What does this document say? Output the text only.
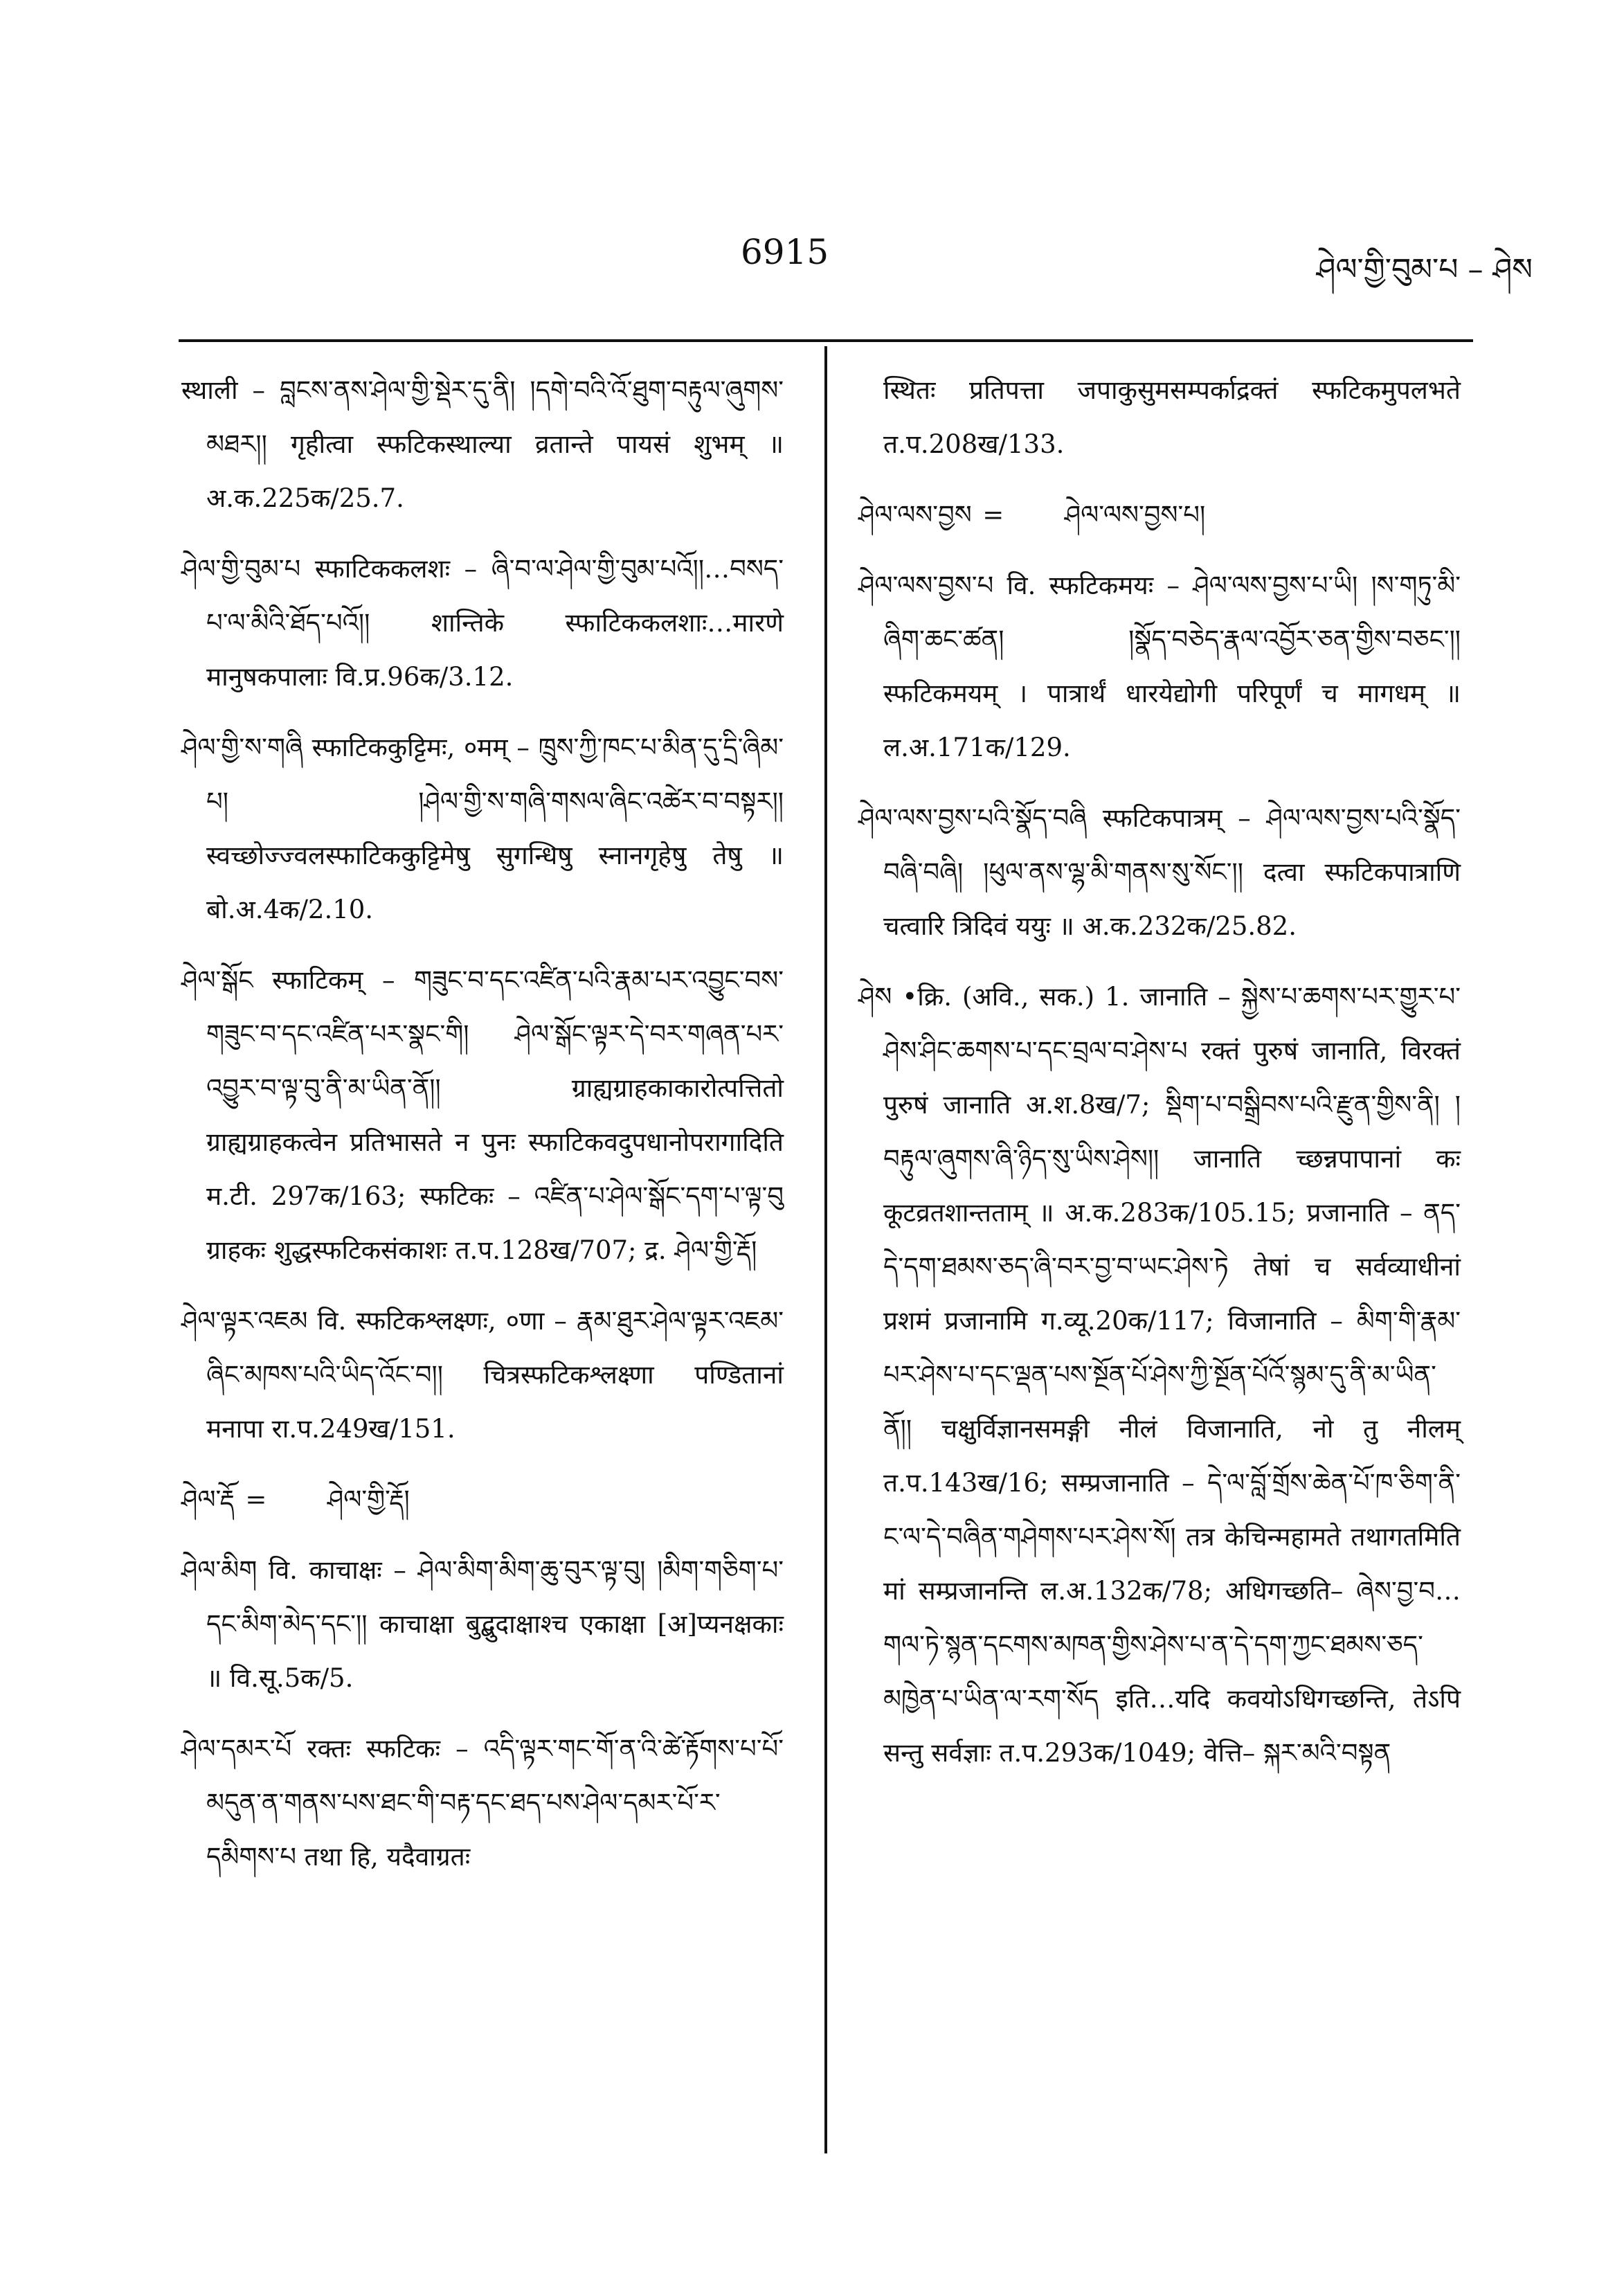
6915	ཤེལ་གྱི་བུམ་པ – ཤེས

स्थाली – བླངས་ནས་ཤེལ་གྱི་སྡེར་དུ་ནི། །དགེ་བའི་འོ་ཐུག་བརྟུལ་ཞུགས་མཐར།། गृहीत्वा स्फटिकस्थाल्या व्रतान्ते पायसं शुभम् ॥ अ.क.225क/25.7.

ཤེལ་གྱི་བུམ་པ स्फाटिककलशः – ཞི་བ་ལ་ཤེལ་གྱི་བུམ་པའོ།།…བསད་པ་ལ་མིའི་ཐོད་པའོ།། शान्तिके स्फाटिककलशाः…मारणे मानुषकपालाः वि.प्र.96क/3.12.

ཤེལ་གྱི་ས་གཞི स्फाटिककुट्टिमः, ०मम् – ཁྲུས་ཀྱི་ཁང་པ་མིན་དུ་དྲི་ཞིམ་པ། །ཤེལ་གྱི་ས་གཞི་གསལ་ཞིང་འཚེར་བ་བསྟར།། स्वच्छोज्ज्वलस्फाटिककुट्टिमेषु सुगन्धिषु स्नानगृहेषु तेषु ॥ बो.अ.4क/2.10.

ཤེལ་སྒོང स्फाटिकम् – གཟུང་བ་དང་འཛིན་པའི་རྣམ་པར་འབྱུང་བས་གཟུང་བ་དང་འཛིན་པར་སྣང་གི། ཤེལ་སྒོང་ལྟར་དེ་བར་གཞན་པར་འབྱུར་བ་ལྟ་བུ་ནི་མ་ཡིན་ནོ།། ग्राह्यग्राहकाकारोत्पत्तितो ग्राह्यग्राहकत्वेन प्रतिभासते न पुनः स्फाटिकवदुपधानोपरागादिति म.टी. 297क/163; स्फटिकः – འཛིན་པ་ཤེལ་སྒོང་དག་པ་ལྟ་བུ ग्राहकः शुद्धस्फटिकसंकाशः त.प.128ख/707; द्र. ཤེལ་གྱི་རྡོ།

ཤེལ་ལྟར་འཇམ वि. स्फटिकश्लक्ष्णः, ०णा – རྣམ་ཐུར་ཤེལ་ལྟར་འཇམ་ཞིང་མཁས་པའི་ཡིད་འོང་བ།། चित्रस्फटिकश्लक्ष्णा पण्डितानां मनापा रा.प.249ख/151.

ཤེལ་རྡོ = ཤེལ་གྱི་རྡོ།

ཤེལ་མིག वि. काचाक्षः – ཤེལ་མིག་མིག་ཆུ་བུར་ལྟ་བུ། །མིག་གཅིག་པ་དང་མིག་མེད་དང་།། काचाक्षा बुद्बुदाक्षाश्च एकाक्षा [अ]प्यनक्षकाः ॥ वि.सू.5क/5.

ཤེལ་དམར་པོ रक्तः स्फटिकः – འདི་ལྟར་གང་གོ་ན་འི་ཚེ་རྟོགས་པ་པོ་མདུན་ན་གནས་པས་ཐང་གི་བརྟ་དང་ཐད་པས་ཤེལ་དམར་པོ་ར་དམིགས་པ तथा हि, यदैवाग्रतः

स्थितः प्रतिपत्ता जपाकुसुमसम्पर्काद्रक्तं स्फटिकमुपलभते त.प.208ख/133.

ཤེལ་ལས་བྱས = ཤེལ་ལས་བྱས་པ།

ཤེལ་ལས་བྱས་པ वि. स्फटिकमयः – ཤེལ་ལས་བྱས་པ་ཡི། །ས་གཏུ་མི་ཞིག་ཆང་ཚན། །སྣོད་བཅེད་རྣལ་འབྱོར་ཅན་གྱིས་བཅང་།། स्फटिकमयम् । पात्रार्थं धारयेद्योगी परिपूर्णं च मागधम् ॥ ल.अ.171क/129.

ཤེལ་ལས་བྱས་པའི་སྣོད་བཞི स्फटिकपात्रम् – ཤེལ་ལས་བྱས་པའི་སྣོད་བཞི་བཞི། །ཕུལ་ནས་ལྷ་མི་གནས་སུ་སོང་།། दत्वा स्फटिकपात्राणि चत्वारि त्रिदिवं ययुः ॥ अ.क.232क/25.82.

ཤེས •क्रि. (अवि., सक.) 1. जानाति – སྐྱེས་པ་ཆགས་པར་གྱུར་པ་ཤེས་ཤིང་ཆགས་པ་དང་བྲལ་བ་ཤེས་པ रक्तं पुरुषं जानाति, विरक्तं पुरुषं जानाति अ.श.8ख/7; སྡིག་པ་བསྒྲིབས་པའི་རྫུན་གྱིས་ནི། །བརྟུལ་ཞུགས་ཞི་ཉིད་སུ་ཡིས་ཤེས།། जानाति च्छन्नपापानां कः कूटव्रतशान्तताम् ॥ अ.क.283क/105.15; प्रजानाति – ནད་དེ་དག་ཐམས་ཅད་ཞི་བར་བྱ་བ་ཡང་ཤེས་ཏེ तेषां च सर्वव्याधीनां प्रशमं प्रजानामि ग.व्यू.20क/117; विजानाति – མིག་གི་རྣམ་པར་ཤེས་པ་དང་ལྡན་པས་སྔོན་པོ་ཤེས་ཀྱི་སྔོན་པོའོ་སྙམ་དུ་ནི་མ་ཡིན་ནོ།། चक्षुर्विज्ञानसमङ्गी नीलं विजानाति, नो तु नीलम् त.प.143ख/16; सम्प्रजानाति – དེ་ལ་བློ་གྲོས་ཆེན་པོ་ཁ་ཅིག་ནི་ང་ལ་དེ་བཞིན་གཤེགས་པར་ཤེས་སོ། तत्र केचिन्महामते तथागतमिति मां सम्प्रजानन्ति ल.अ.132क/78; अधिगच्छति– ཞེས་བྱ་བ…གལ་ཏེ་སྙན་དངགས་མཁན་གྱིས་ཤེས་པ་ན་དེ་དག་ཀྱང་ཐམས་ཅད་མཁྱེན་པ་ཡིན་ལ་རག་སོད इति…यदि कवयोऽधिगच्छन्ति, तेऽपि सन्तु सर्वज्ञाः त.प.293क/1049; वेत्ति– སྐར་མའི་བསྟན
